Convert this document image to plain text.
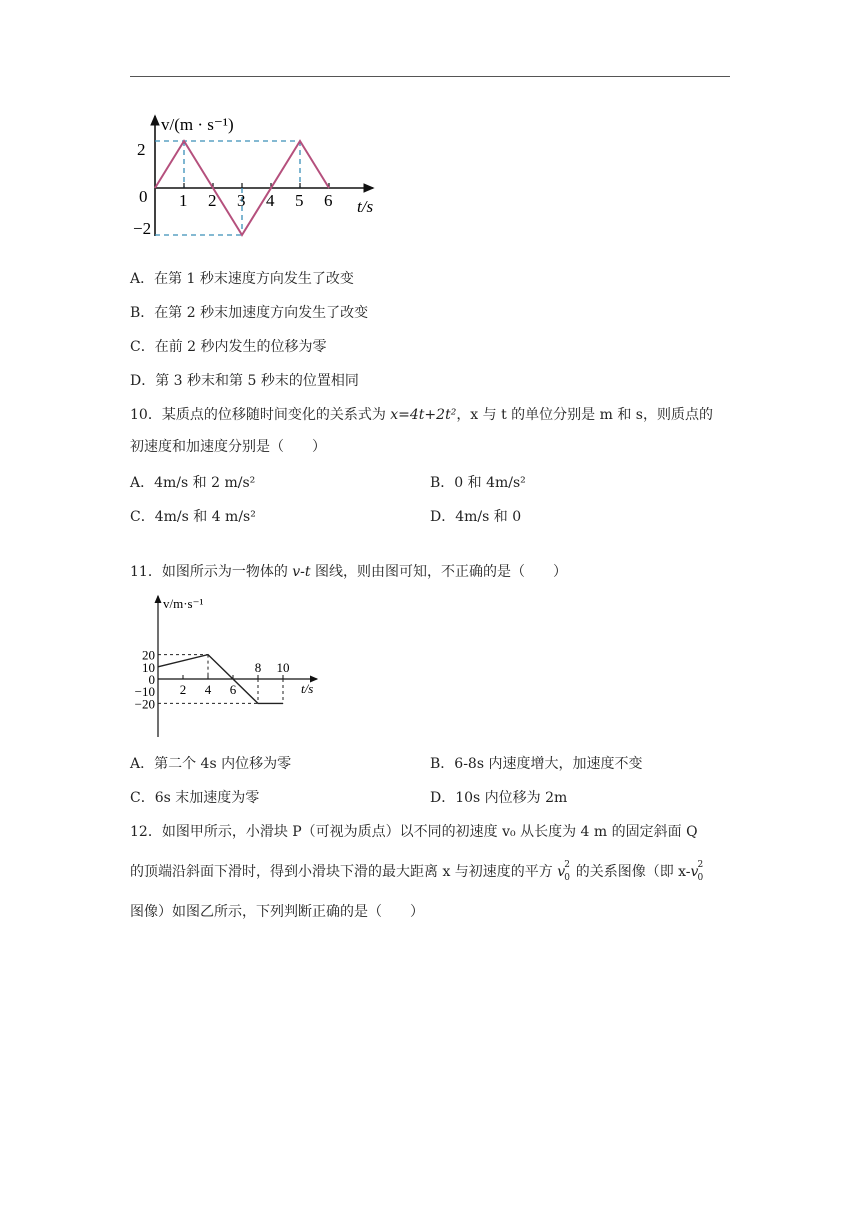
v/(m · s⁻¹)
t/s
2
0
−2
1 2 3 4 5 6
A．在第 1 秒末速度方向发生了改变
B．在第 2 秒末加速度方向发生了改变
C．在前 2 秒内发生的位移为零
D．第 3 秒末和第 5 秒末的位置相同
10．某质点的位移随时间变化的关系式为 x=4t+2t²，x 与 t 的单位分别是 m 和 s，则质点的
初速度和加速度分别是（　　）
A．4m/s 和 2 m/s²	B．0 和 4m/s²
C．4m/s 和 4 m/s²	D．4m/s 和 0
11．如图所示为一物体的 v-t 图线，则由图可知，不正确的是（　　）
v/m·s⁻¹
t/s
20
10
0
−10
−20
2 4 6
8 10
A．第二个 4s 内位移为零	B．6-8s 内速度增大，加速度不变
C．6s 末加速度为零	D．10s 内位移为 2m
12．如图甲所示，小滑块 P（可视为质点）以不同的初速度 v₀ 从长度为 4 m 的固定斜面 Q
的顶端沿斜面下滑时，得到小滑块下滑的最大距离 x 与初速度的平方 v 2
0 的关系图像（即 x-v 2
0
图像）如图乙所示，下列判断正确的是（　　）
